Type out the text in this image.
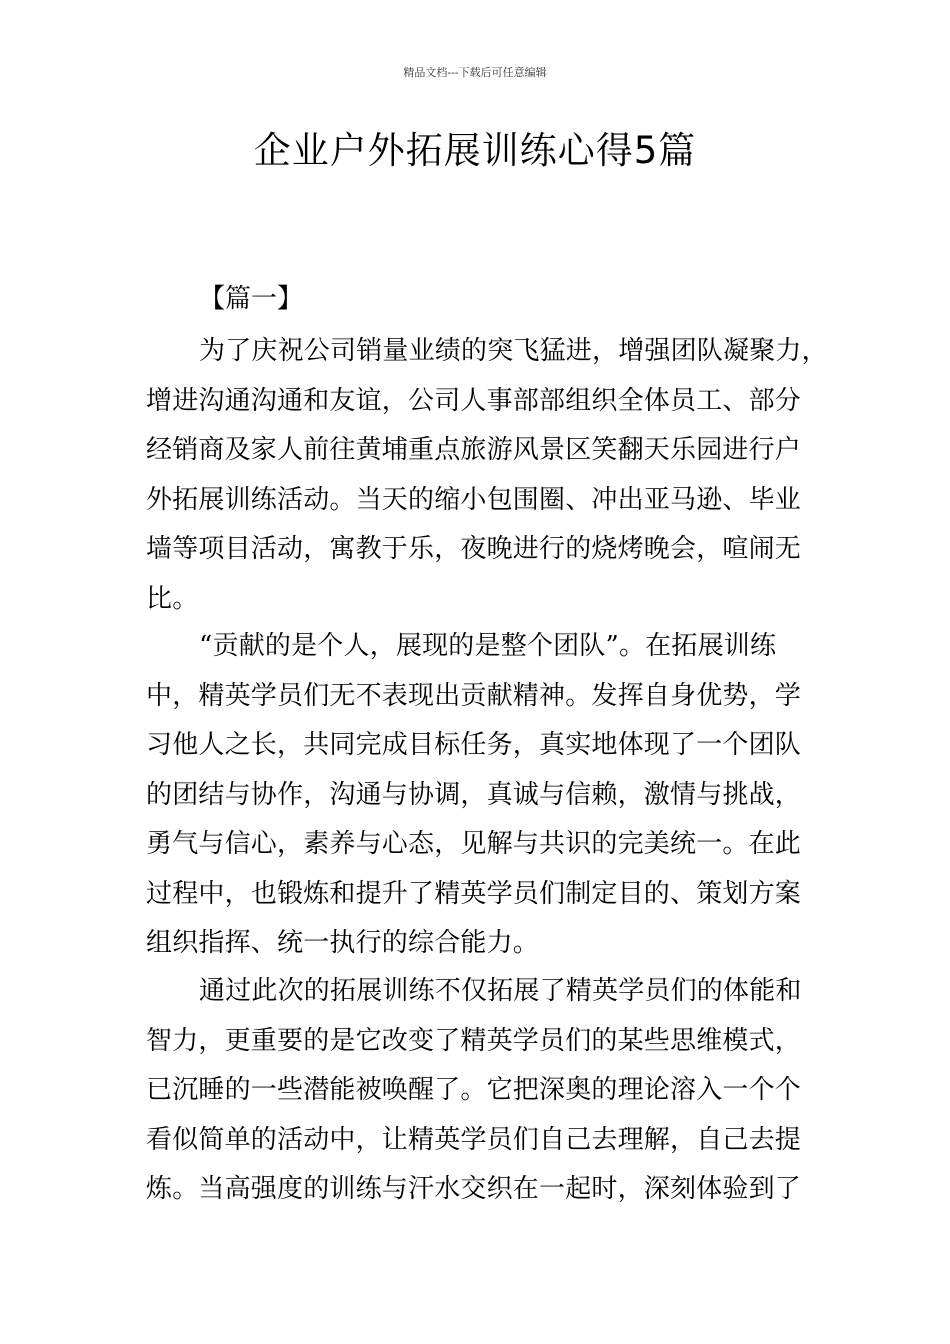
精品文档---下载后可任意编辑
企业户外拓展训练心得5篇
【篇一】
为了庆祝公司销量业绩的突飞猛进，增强团队凝聚力，
增进沟通沟通和友谊，公司人事部部组织全体员工、部分
经销商及家人前往黄埔重点旅游风景区笑翻天乐园进行户
外拓展训练活动。当天的缩小包围圈、冲出亚马逊、毕业
墙等项目活动，寓教于乐，夜晚进行的烧烤晚会，喧闹无
比。
“贡献的是个人，展现的是整个团队”。在拓展训练
中，精英学员们无不表现出贡献精神。发挥自身优势，学
习他人之长，共同完成目标任务，真实地体现了一个团队
的团结与协作，沟通与协调，真诚与信赖，激情与挑战，
勇气与信心，素养与心态，见解与共识的完美统一。在此
过程中，也锻炼和提升了精英学员们制定目的、策划方案
组织指挥、统一执行的综合能力。
通过此次的拓展训练不仅拓展了精英学员们的体能和
智力，更重要的是它改变了精英学员们的某些思维模式，
已沉睡的一些潜能被唤醒了。它把深奥的理论溶入一个个
看似简单的活动中，让精英学员们自己去理解，自己去提
炼。当高强度的训练与汗水交织在一起时，深刻体验到了
